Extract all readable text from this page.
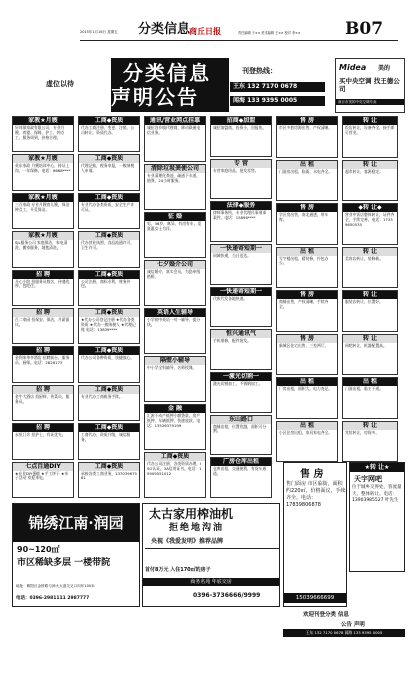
2015年1月16日 星期五	分类信息
商丘日报	责任编辑 于×× 美术编辑 王×× 校对 李××	B07
虚位以待	分类信息
声明公告
刊登热线：
王东 132 7170 0678
闻海 133 9395 0005
Midea 美的
买中央空调 找王德公司
商丘市美的中央空调专卖
家教★月嫂
好邦保家政有限公司，专业月嫂、育婴、保姆、护工、钟点工，服务周到，价格合理。
家教★月嫂
英东家政 月嫂培训中心，持证上岗，一年保修。电话：6668****
家教★月嫂
三百家政 专业月嫂育儿嫂，保洁钟点工，开荒保洁。
家教★月嫂
SJL服务公司 家庭保洁，家电清洗，搬家服务，地毯清洗。
招 聘
开心小院 招服务员数名，待遇优厚，包吃住。
招 聘
百二家园 招保安、保洁，月薪面议。
招 聘
金利来华亭酒店 招聘前台、服务员、厨师。电话：2826173
招 聘
金牛大酒店 招厨师、传菜员、服务员。
招 聘
永恒门诊 招护士，有证优先。
七点百通DIY
★专业DIY蛋糕 ★手工饼干 ★亲子活动 欢迎来电。
工商◆资质
代办工商注册、变更、注销，公司转让，资质代办。
工商◆资质
代理记账，税务申报，一般纳税人申请。
工商◆资质
专业代办各类资质，安全生产许可证。
工商◆资质
代办营业执照，食品流通许可，卫生许可。
工商◆资质
公司注册，商标专利，财务外包。
工商◆资质
★代办公司登记注册 ★代办各类资质 ★代办一般纳税人 ★代理记账 电话：13839****
工商◆资质
代办公司各种资质，快捷放心。
工商◆资质
专业代办工商税务手续。
工商◆资质
工商代办，资质升级，诚信服务。
工商◆资质
承接各类工商业务，13703967581
通讯/营业网点挂靠
诚招各乡镇代理商，移动联通电信业务。
清除垃圾粪便公司
专业清理化粪池，疏通下水道，抽粪，24小时服务。
征 婚
男，36岁，离异，有房有车，觅贤惠女士为伴。
七夕婚介公司
诚信婚介，真实会员，为您牵线搭桥。
英语人生辅导
小学初中英语一对一辅导，提分快。
隔壁小辅导
中小学全科辅导，名师授课。
金 融
汇源不动产抵押小额贷款，房产抵押，车辆抵押，快速放款。电话：13526379199
工商◆资质
代办公司注册，各类资质办理，ISO认证，3A信用证书。电话：15909551012
招商◆加盟
诚招加盟商，投资小，回报快。
专 营
专营家庭用品，批发零售。
法律◆服务
律师事务所，专业代理民事刑事案件。电话：15896****
一快递寄短期一
同城快递，当日送达。
一快递寄短期一
代收代发各地快递。
恒兴通讯气
手机维修，配件批发。
一激光切割一
激光切割加工，不锈钢加工。
东山路口
商铺出租，位置优越，面积可分割。
广房仓库出租
仓库出租，交通便利，有货车通道。
售 房
市区多套房源出售，产权清晰。
出 租
门面房出租，临街，水电齐全。
售 房
学区房出售，南北通透，带车库。
出 租
写字楼出租，精装修，拎包办公。
售 房
商铺出售，产权清晰，手续齐全。
售 房
新城区住宅出售，三室两厅。
出 租
厂房出租，面积大，电力充足。
出 租
小区住房出租，家具家电齐全。
转 让
饭店转让，设备齐全，接手即可营业。
转 让
超市转让，客源稳定。
◆转 让◆
营业中饭店整体转让，证件齐全，手续完善。电话：17339650535
转 让
美容店转让，装修新。
转 让
服装店转让，位置好。
转 让
网吧转让，机器配置高。
出 租
门面出租，临主干道。
转 让
宾馆转让，房间多。
锦绣江南·润园
90~120㎡
市区稀缺多层 一楼带院
地址：睢阳区金桥路与神火大道交叉口向东100米
电话：0396-2981111 2987777
太古家用榨油机
拒绝地沟油
央视《我爱发明》推荐品牌
首付8万元 入住170㎡的房子
商务名苑 年底交房
0396-3736666/9999
售 房
售门面房 市区临街，面积约220㎡，价格面议，手续齐全。电话：17839806878
15039666699
★转 让★
天宇网吧
位于城乡交界处，客流量大，整体转让。电话：13903985527 叶先生
欢迎刊登分类 信息
公告 声明
王东 132 7170 0678 闻海 133 9395 0005
